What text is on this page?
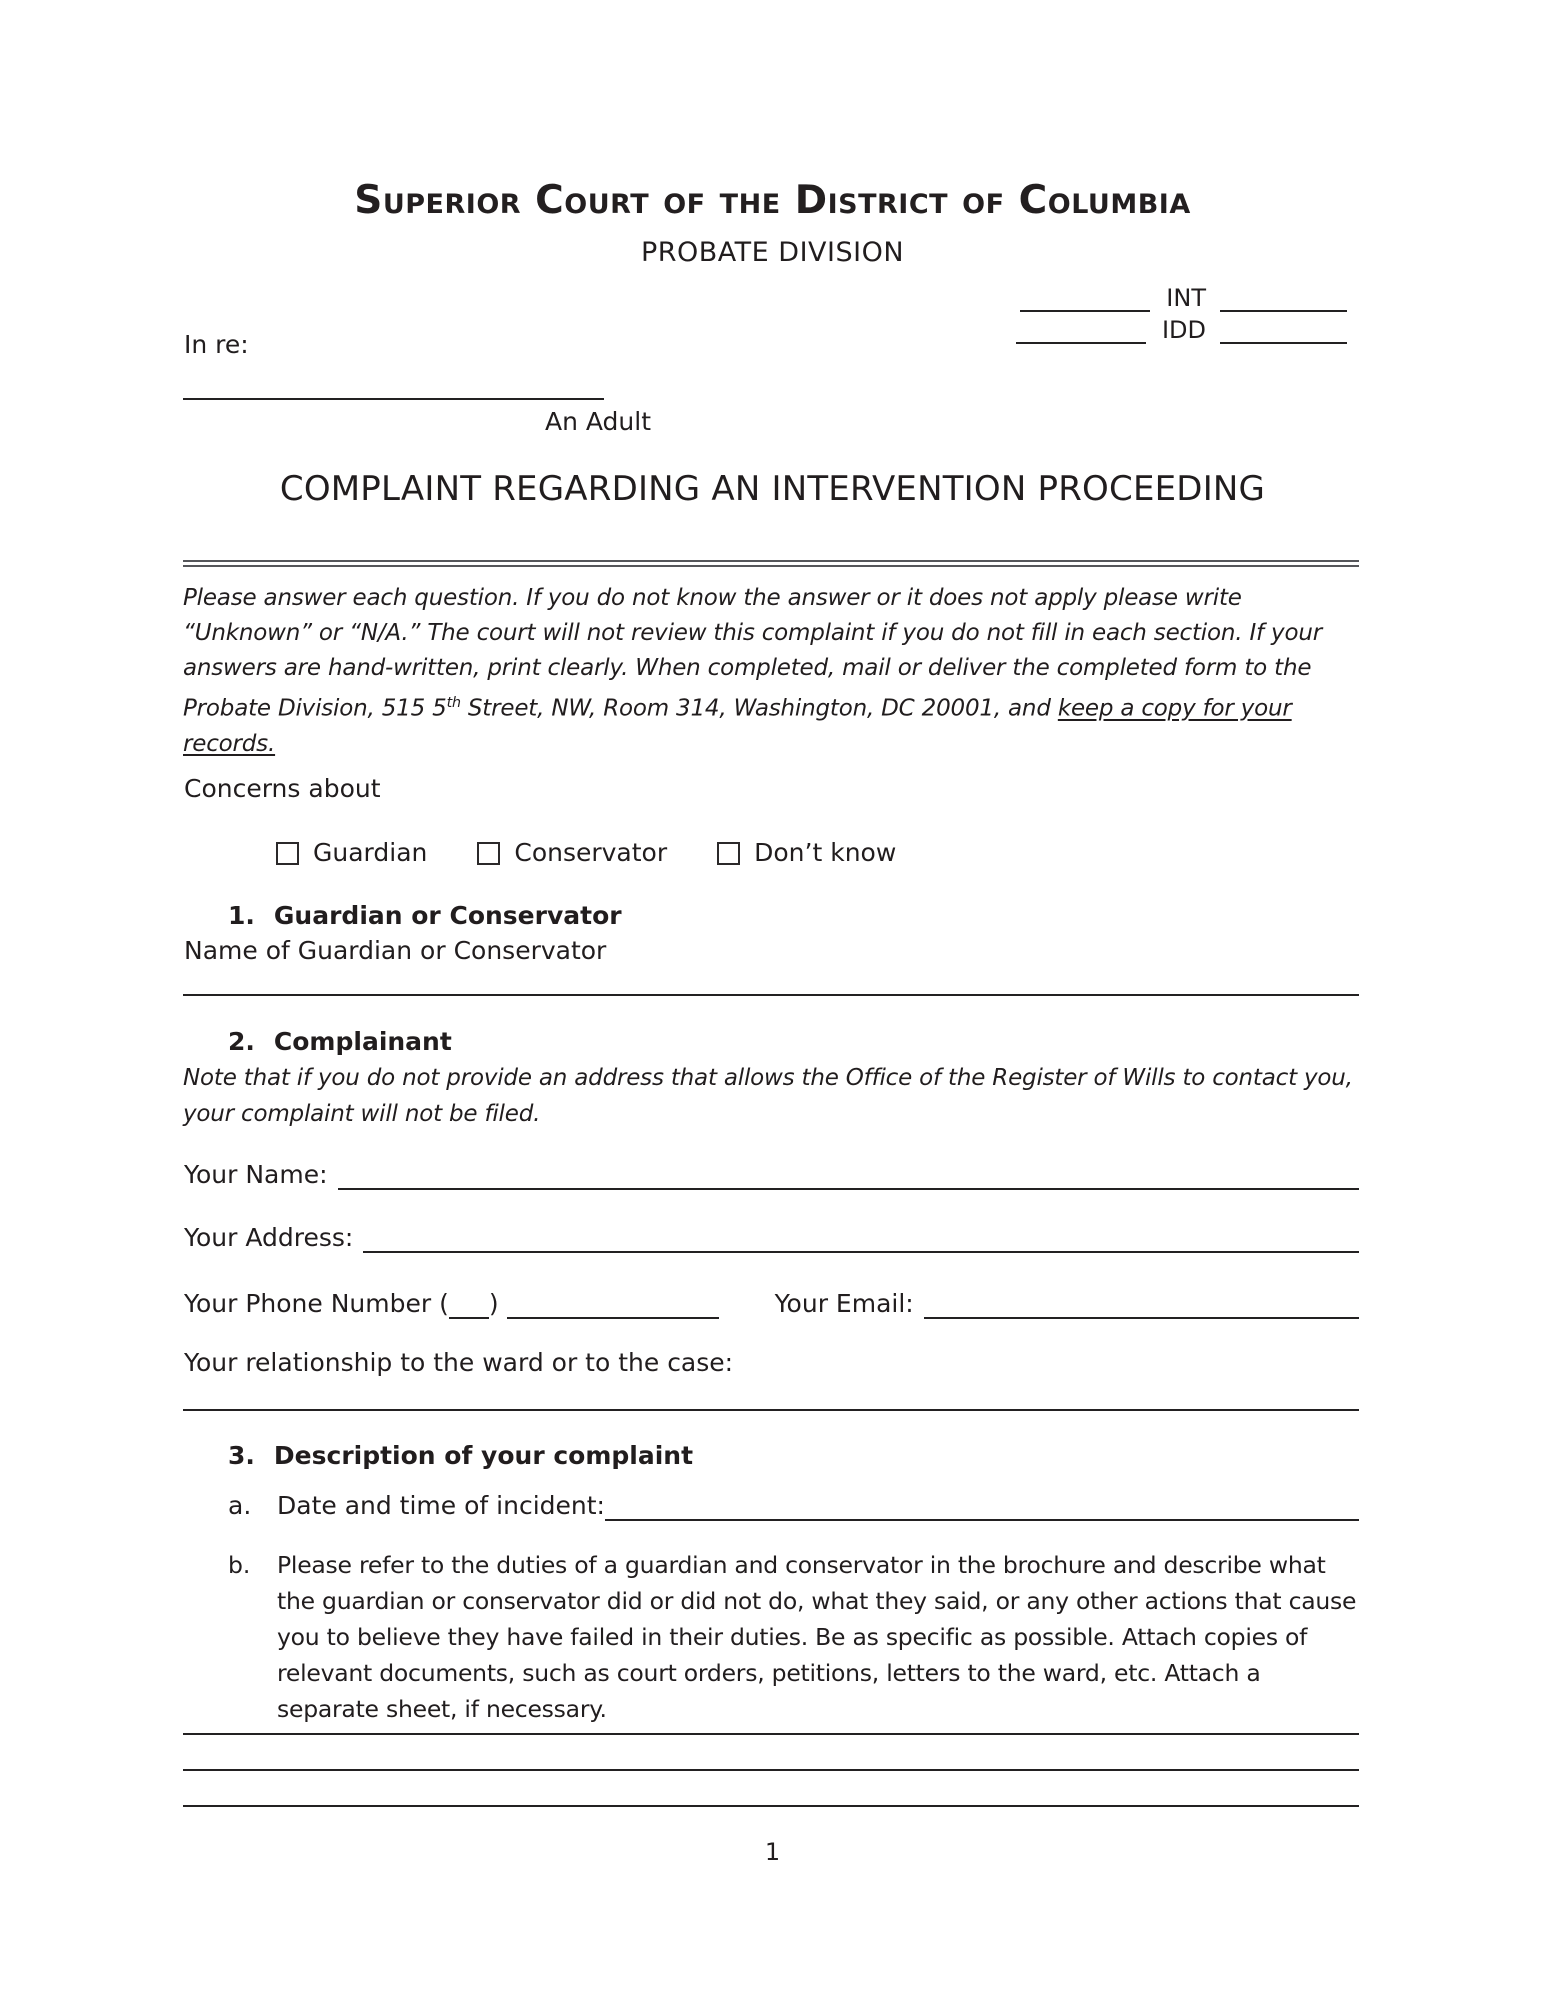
Superior Court of the District of Columbia
PROBATE DIVISION
INT
IDD
In re:
An Adult
COMPLAINT REGARDING AN INTERVENTION PROCEEDING
Please answer each question. If you do not know the answer or it does not apply please write “Unknown” or “N/A.” The court will not review this complaint if you do not fill in each section. If your answers are hand-written, print clearly. When completed, mail or deliver the completed form to the Probate Division, 515 5th Street, NW, Room 314, Washington, DC 20001, and keep a copy for your records.
Concerns about
Guardian	Conservator	Don’t know
1. Guardian or Conservator
Name of Guardian or Conservator
2. Complainant
Note that if you do not provide an address that allows the Office of the Register of Wills to contact you, your complaint will not be filed.
Your Name:
Your Address:
Your Phone Number ( )	Your Email:
Your relationship to the ward or to the case:
3. Description of your complaint
a.	Date and time of incident:
b.	Please refer to the duties of a guardian and conservator in the brochure and describe what the guardian or conservator did or did not do, what they said, or any other actions that cause you to believe they have failed in their duties. Be as specific as possible. Attach copies of relevant documents, such as court orders, petitions, letters to the ward, etc. Attach a separate sheet, if necessary.
1
